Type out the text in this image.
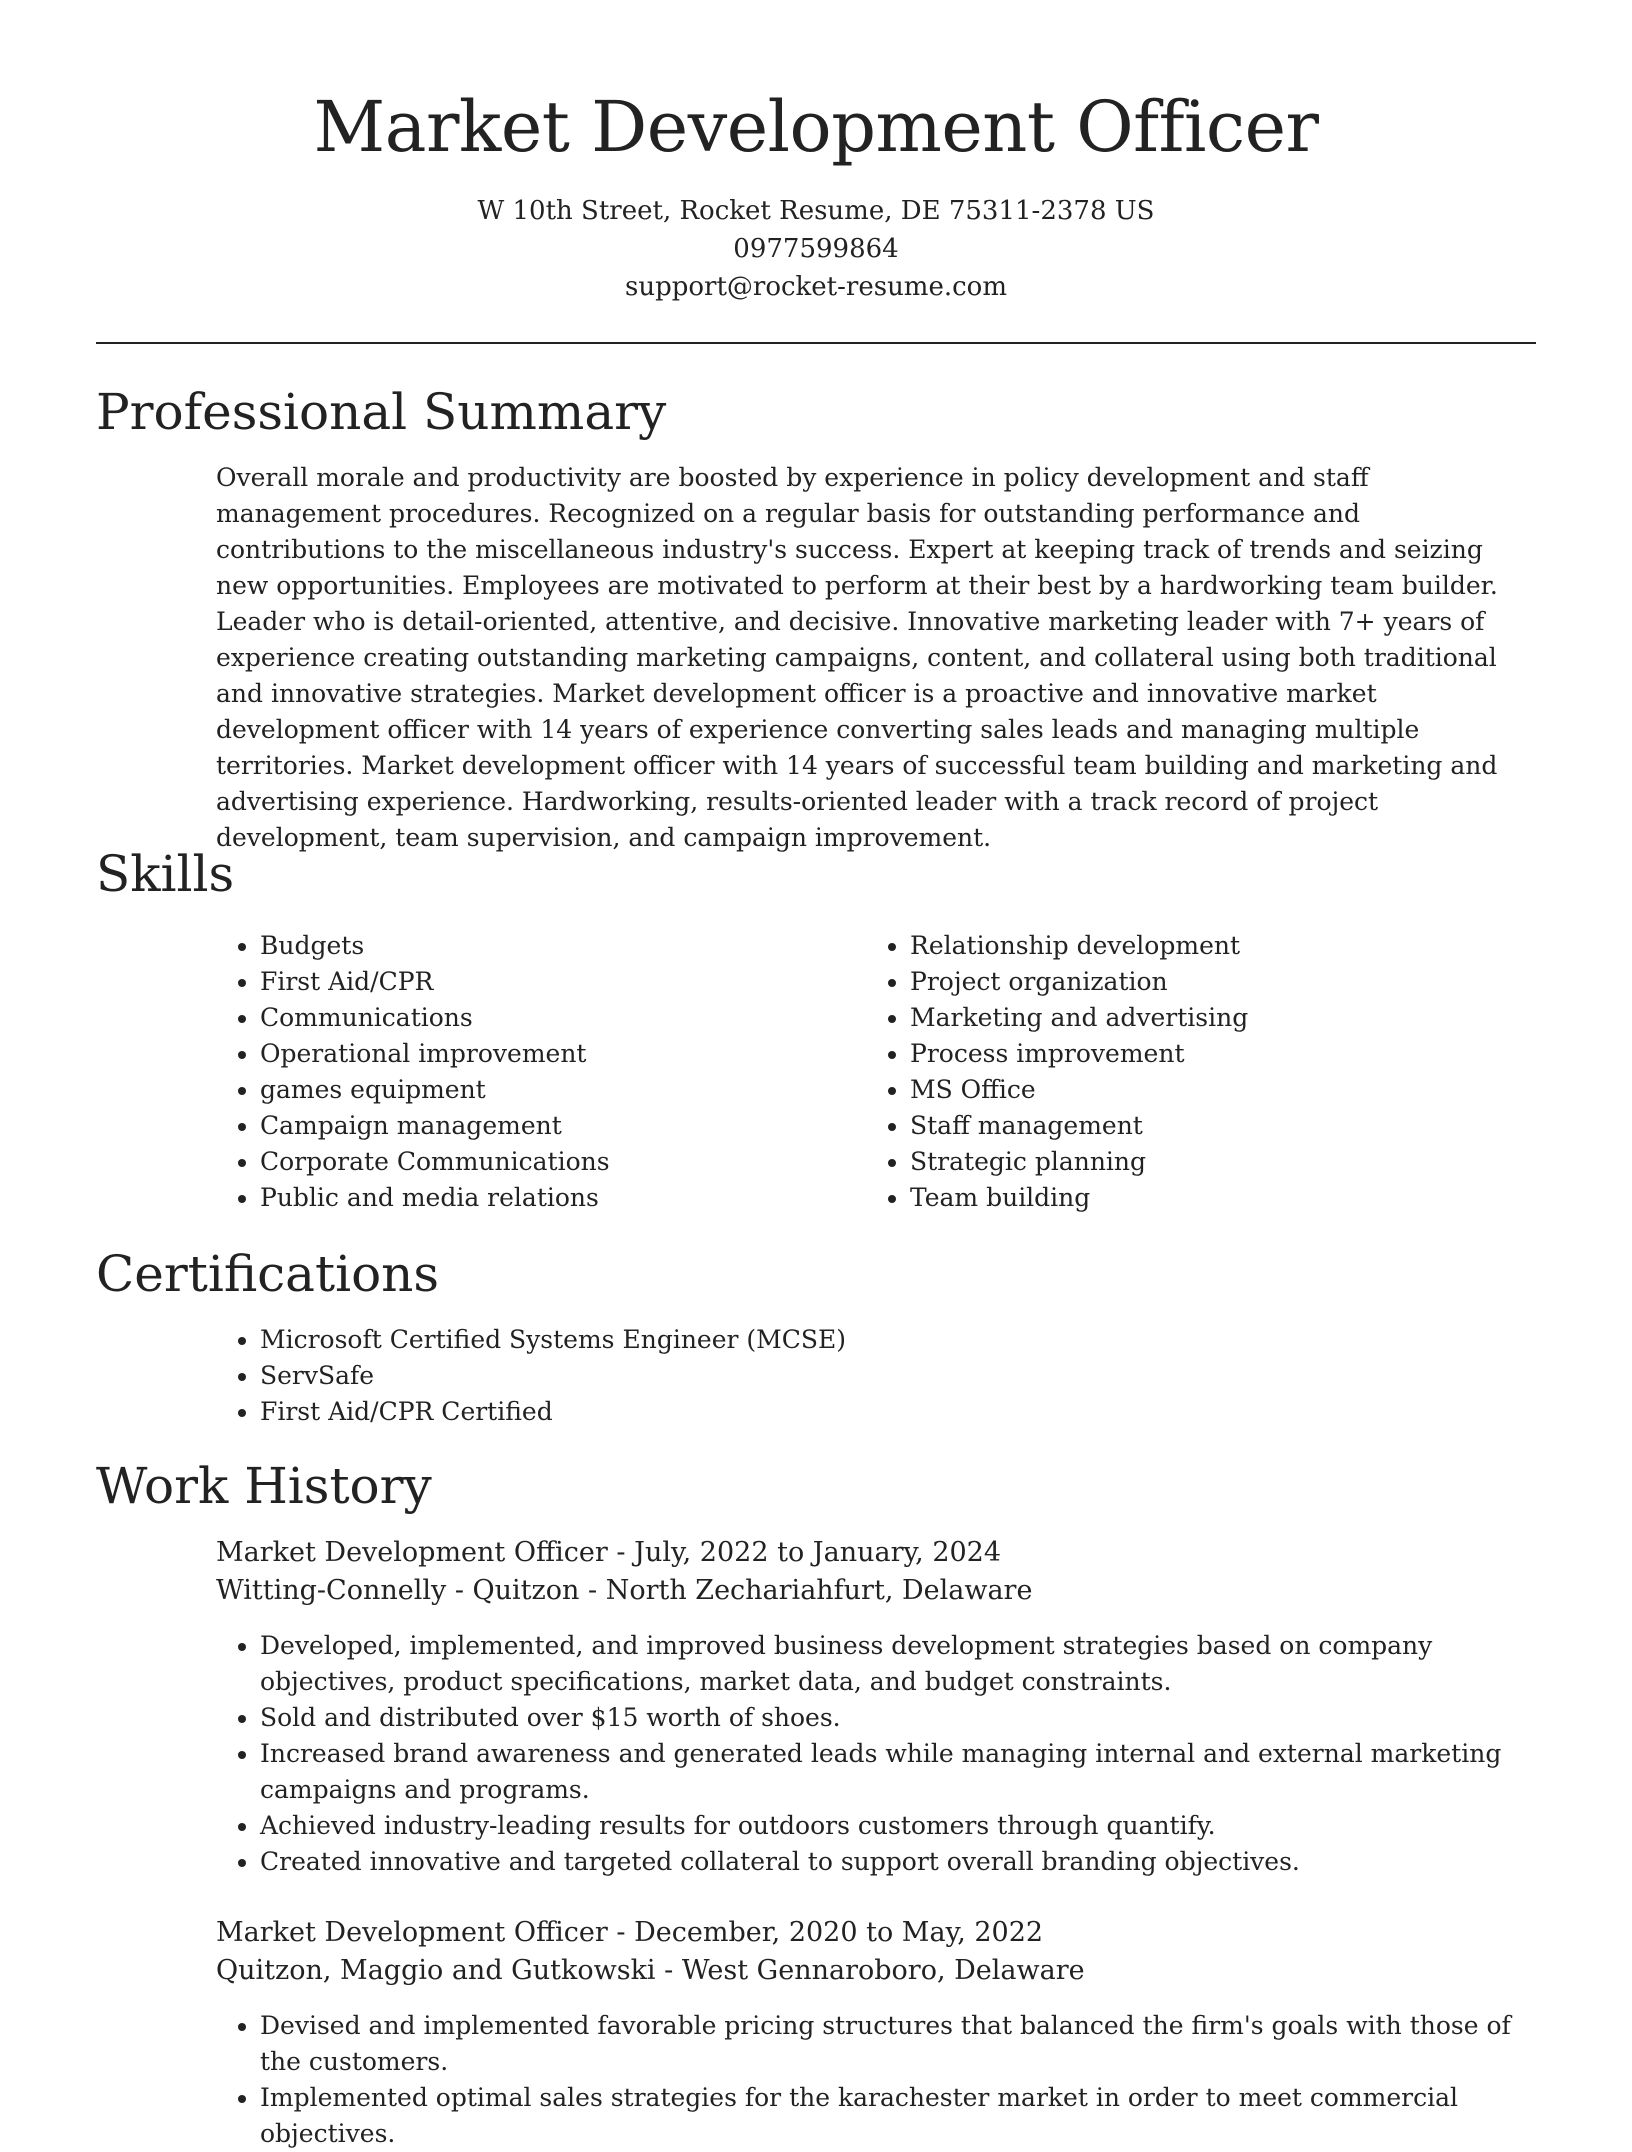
Market Development Officer
W 10th Street, Rocket Resume, DE 75311-2378 US
0977599864
support@rocket-resume.com
Professional Summary

Overall morale and productivity are boosted by experience in policy development and staff management procedures. Recognized on a regular basis for outstanding performance and contributions to the miscellaneous industry's success. Expert at keeping track of trends and seizing new opportunities. Employees are motivated to perform at their best by a hardworking team builder. Leader who is detail-oriented, attentive, and decisive. Innovative marketing leader with 7+ years of experience creating outstanding marketing campaigns, content, and collateral using both traditional and innovative strategies. Market development officer is a proactive and innovative market development officer with 14 years of experience converting sales leads and managing multiple territories. Market development officer with 14 years of successful team building and marketing and advertising experience. Hardworking, results-oriented leader with a track record of project development, team supervision, and campaign improvement.

Skills
• Budgets
• First Aid/CPR
• Communications
• Operational improvement
• games equipment
• Campaign management
• Corporate Communications
• Public and media relations
• Relationship development
• Project organization
• Marketing and advertising
• Process improvement
• MS Office
• Staff management
• Strategic planning
• Team building
Certifications
• Microsoft Certified Systems Engineer (MCSE)
• ServSafe
• First Aid/CPR Certified
Work History
Market Development Officer - July, 2022 to January, 2024
Witting-Connelly - Quitzon - North Zechariahfurt, Delaware
• Developed, implemented, and improved business development strategies based on company objectives, product specifications, market data, and budget constraints.
• Sold and distributed over $15 worth of shoes.
• Increased brand awareness and generated leads while managing internal and external marketing campaigns and programs.
• Achieved industry-leading results for outdoors customers through quantify.
• Created innovative and targeted collateral to support overall branding objectives.
Market Development Officer - December, 2020 to May, 2022
Quitzon, Maggio and Gutkowski - West Gennaroboro, Delaware
• Devised and implemented favorable pricing structures that balanced the firm's goals with those of the customers.
• Implemented optimal sales strategies for the karachester market in order to meet commercial objectives.
